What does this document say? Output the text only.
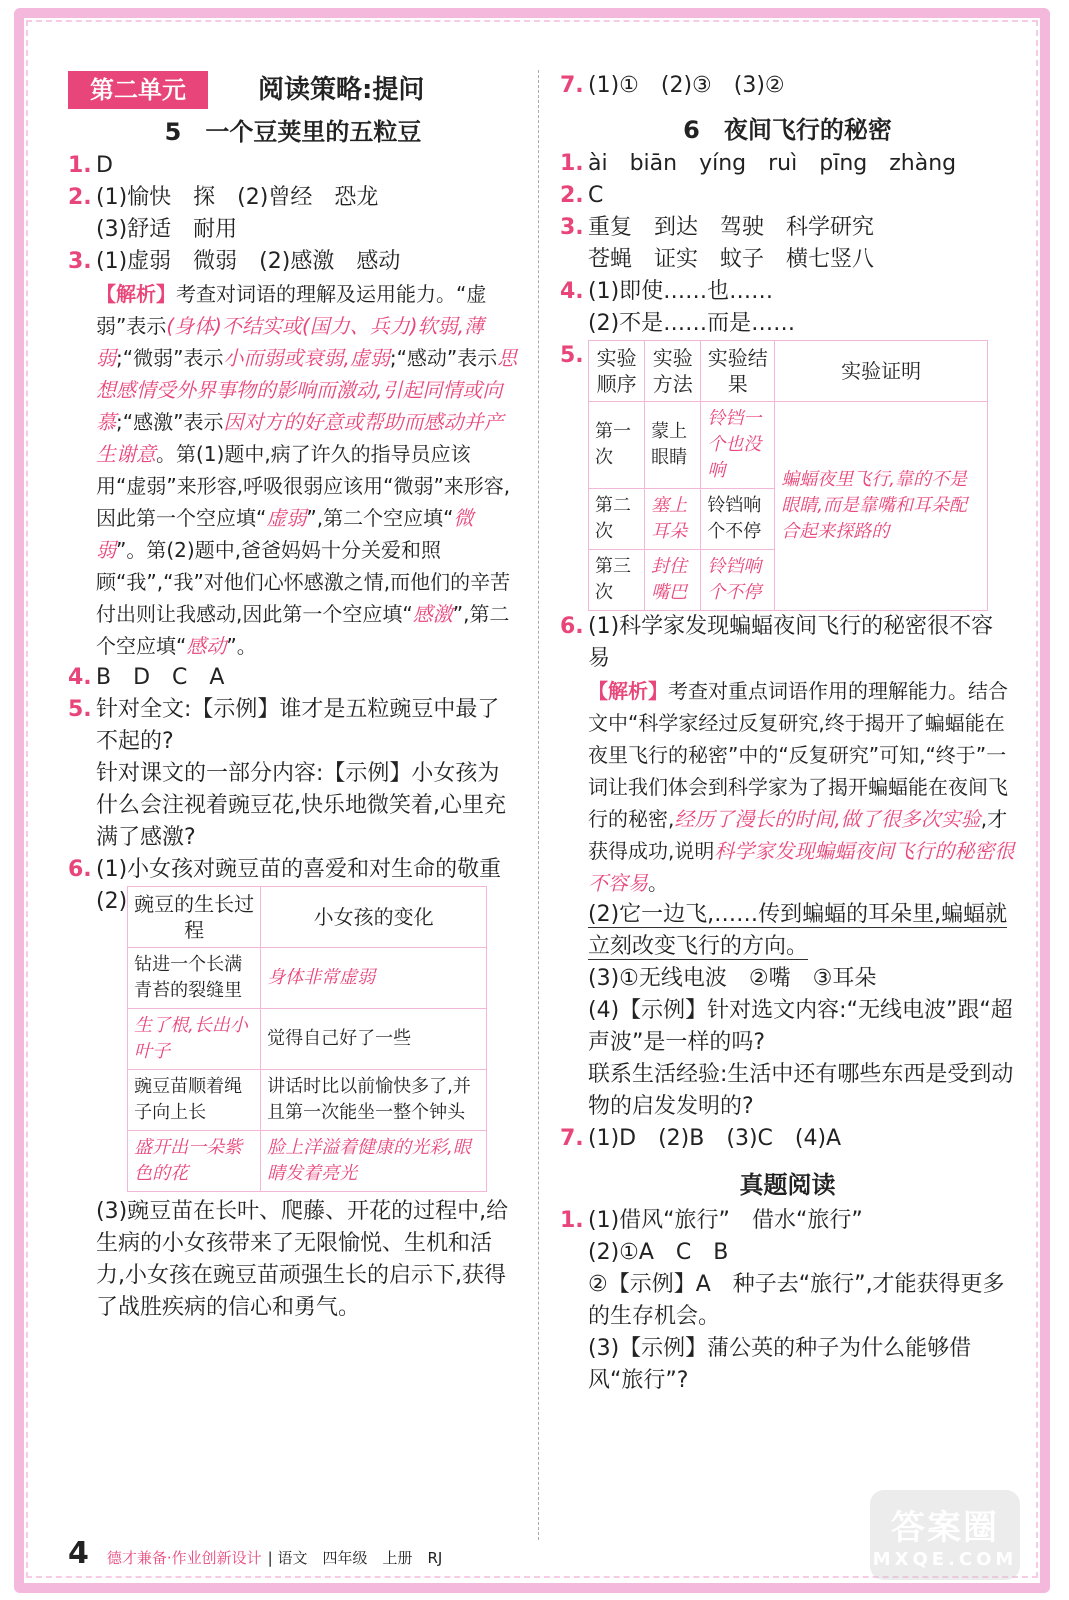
第二单元	阅读策略:提问
5　一个豆荚里的五粒豆
1. D
2. (1)愉快　探　(2)曾经　恐龙
(3)舒适　耐用
3. (1)虚弱　微弱　(2)感激　感动
【解析】考查对词语的理解及运用能力。“虚弱”表示(身体)不结实或(国力、兵力)软弱,薄弱;“微弱”表示小而弱或衰弱,虚弱;“感动”表示思想感情受外界事物的影响而激动,引起同情或向慕;“感激”表示因对方的好意或帮助而感动并产生谢意。第(1)题中,病了许久的指导员应该用“虚弱”来形容,呼吸很弱应该用“微弱”来形容,因此第一个空应填“虚弱”,第二个空应填“微弱”。第(2)题中,爸爸妈妈十分关爱和照顾“我”,“我”对他们心怀感激之情,而他们的辛苦付出则让我感动,因此第一个空应填“感激”,第二个空应填“感动”。
4. B　D　C　A
5. 针对全文:【示例】谁才是五粒豌豆中最了不起的?
针对课文的一部分内容:【示例】小女孩为什么会注视着豌豆花,快乐地微笑着,心里充满了感激?
6. (1)小女孩对豌豆苗的喜爱和对生命的敬重
(2) 豌豆的生长过程	小女孩的变化
钻进一个长满青苔的裂缝里	身体非常虚弱
生了根,长出小叶子	觉得自己好了一些
豌豆苗顺着绳子向上长	讲话时比以前愉快多了,并且第一次能坐一整个钟头
盛开出一朵紫色的花	脸上洋溢着健康的光彩,眼睛发着亮光
(3)豌豆苗在长叶、爬藤、开花的过程中,给生病的小女孩带来了无限愉悦、生机和活力,小女孩在豌豆苗顽强生长的启示下,获得了战胜疾病的信心和勇气。
7. (1)①　(2)③　(3)②
6　夜间飞行的秘密
1. ài　biān　yíng　ruì　pīng　zhàng
2. C
3. 重复　到达　驾驶　科学研究
苍蝇　证实　蚊子　横七竖八
4. (1)即使……也……
(2)不是……而是……
5. 实验顺序	实验方法	实验结果	实验证明
第一次	蒙上眼睛	铃铛一个也没响	蝙蝠夜里飞行,靠的不是眼睛,而是靠嘴和耳朵配合起来探路的
第二次	塞上耳朵	铃铛响个不停	
第三次	封住嘴巴	铃铛响个不停	
6. (1)科学家发现蝙蝠夜间飞行的秘密很不容易
【解析】考查对重点词语作用的理解能力。结合文中“科学家经过反复研究,终于揭开了蝙蝠能在夜里飞行的秘密”中的“反复研究”可知,“终于”一词让我们体会到科学家为了揭开蝙蝠能在夜间飞行的秘密,经历了漫长的时间,做了很多次实验,才获得成功,说明科学家发现蝙蝠夜间飞行的秘密很不容易。
(2)它一边飞,……传到蝙蝠的耳朵里,蝙蝠就立刻改变飞行的方向。
(3)①无线电波　②嘴　③耳朵
(4)【示例】针对选文内容:“无线电波”跟“超声波”是一样的吗?
联系生活经验:生活中还有哪些东西是受到动物的启发发明的?
7. (1)D　(2)B　(3)C　(4)A
真题阅读
1. (1)借风“旅行”　借水“旅行”
(2)①A　C　B
②【示例】A　种子去“旅行”,才能获得更多的生存机会。
(3)【示例】蒲公英的种子为什么能够借风“旅行”?
4 德才兼备·作业创新设计 | 语文　四年级　上册　RJ
答案圈
MXQE.COM
